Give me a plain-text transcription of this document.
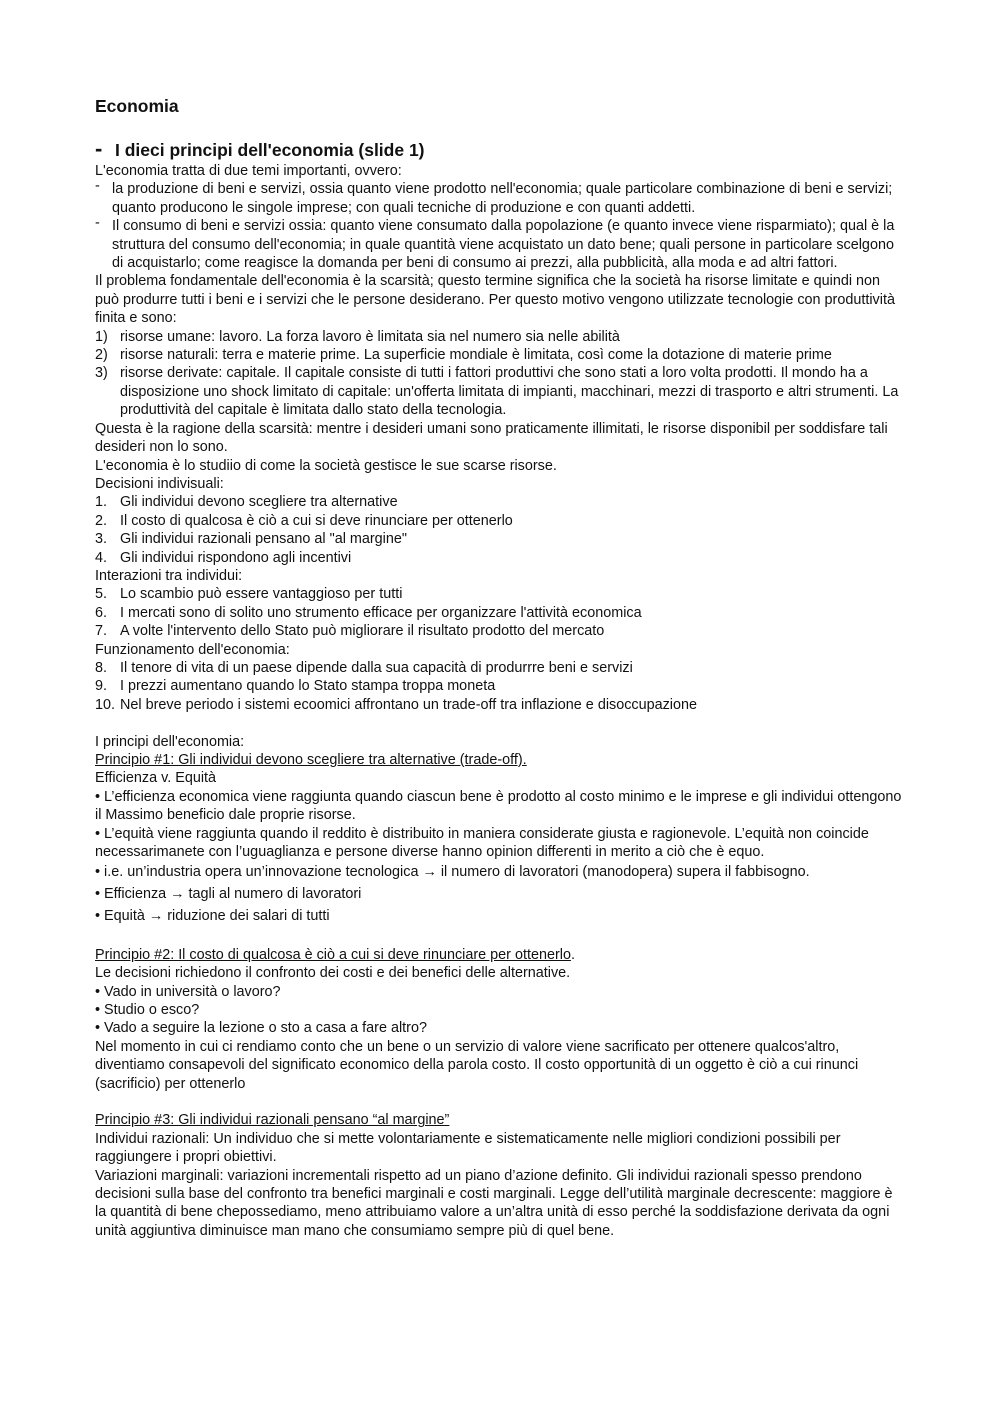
Economia
- I dieci principi dell'economia (slide 1)

L'economia tratta di due temi importanti, ovvero:

- la produzione di beni e servizi, ossia quanto viene prodotto nell'economia; quale particolare combinazione di beni e servizi; quanto producono le singole imprese; con quali tecniche di produzione e con quanti addetti.
- Il consumo di beni e servizi ossia: quanto viene consumato dalla popolazione (e quanto invece viene risparmiato); qual è la struttura del consumo dell'economia; in quale quantità viene acquistato un dato bene; quali persone in particolare scelgono di acquistarlo; come reagisce la domanda per beni di consumo ai prezzi, alla pubblicità, alla moda e ad altri fattori.

Il problema fondamentale dell'economia è la scarsità; questo termine significa che la società ha risorse limitate e quindi non può produrre tutti i beni e i servizi che le persone desiderano. Per questo motivo vengono utilizzate tecnologie con produttività finita e sono:

1) risorse umane: lavoro. La forza lavoro è limitata sia nel numero sia nelle abilità
2) risorse naturali: terra e materie prime. La superficie mondiale è limitata, così come la dotazione di materie prime
3) risorse derivate: capitale. Il capitale consiste di tutti i fattori produttivi che sono stati a loro volta prodotti. Il mondo ha a disposizione uno shock limitato di capitale: un'offerta limitata di impianti, macchinari, mezzi di trasporto e altri strumenti. La produttività del capitale è limitata dallo stato della tecnologia.

Questa è la ragione della scarsità: mentre i desideri umani sono praticamente illimitati, le risorse disponibil per soddisfare tali desideri non lo sono.

L'economia è lo studiio di come la società gestisce le sue scarse risorse.

Decisioni indivisuali:

1. Gli individui devono scegliere tra alternative
2. Il costo di qualcosa è ciò a cui si deve rinunciare per ottenerlo
3. Gli individui razionali pensano al "al margine"
4. Gli individui rispondono agli incentivi

Interazioni tra individui:

5. Lo scambio può essere vantaggioso per tutti
6. I mercati sono di solito uno strumento efficace per organizzare l'attività economica
7. A volte l'intervento dello Stato può migliorare il risultato prodotto del mercato

Funzionamento dell'economia:

8. Il tenore di vita di un paese dipende dalla sua capacità di produrrre beni e servizi
9. I prezzi aumentano quando lo Stato stampa troppa moneta
10. Nel breve periodo i sistemi ecoomici affrontano un trade-off tra inflazione e disoccupazione

I principi dell'economia:

Principio #1: Gli individui devono scegliere tra alternative (trade-off).

Efficienza v. Equità

• L’efficienza economica viene raggiunta quando ciascun bene è prodotto al costo minimo e le imprese e gli individui ottengono il Massimo beneficio dale proprie risorse.

• L’equità viene raggiunta quando il reddito è distribuito in maniera considerate giusta e ragionevole. L’equità non coincide necessarimanete con l’uguaglianza e persone diverse hanno opinion differenti in merito a ciò che è equo.

• i.e. un’industria opera un’innovazione tecnologica → il numero di lavoratori (manodopera) supera il fabbisogno.

• Efficienza → tagli al numero di lavoratori

• Equità → riduzione dei salari di tutti

Principio #2: Il costo di qualcosa è ciò a cui si deve rinunciare per ottenerlo.

Le decisioni richiedono il confronto dei costi e dei benefici delle alternative.

• Vado in università o lavoro?

• Studio o esco?

• Vado a seguire la lezione o sto a casa a fare altro?

Nel momento in cui ci rendiamo conto che un bene o un servizio di valore viene sacrificato per ottenere qualcos'altro, diventiamo consapevoli del significato economico della parola costo. Il costo opportunità di un oggetto è ciò a cui rinunci (sacrificio) per ottenerlo

Principio #3: Gli individui razionali pensano “al margine”

Individui razionali: Un individuo che si mette volontariamente e sistematicamente nelle migliori condizioni possibili per raggiungere i propri obiettivi.

Variazioni marginali: variazioni incrementali rispetto ad un piano d’azione definito. Gli individui razionali spesso prendono decisioni sulla base del confronto tra benefici marginali e costi marginali. Legge dell’utilità marginale decrescente: maggiore è la quantità di bene chepossediamo, meno attribuiamo valore a un’altra unità di esso perché la soddisfazione derivata da ogni unità aggiuntiva diminuisce man mano che consumiamo sempre più di quel bene.
